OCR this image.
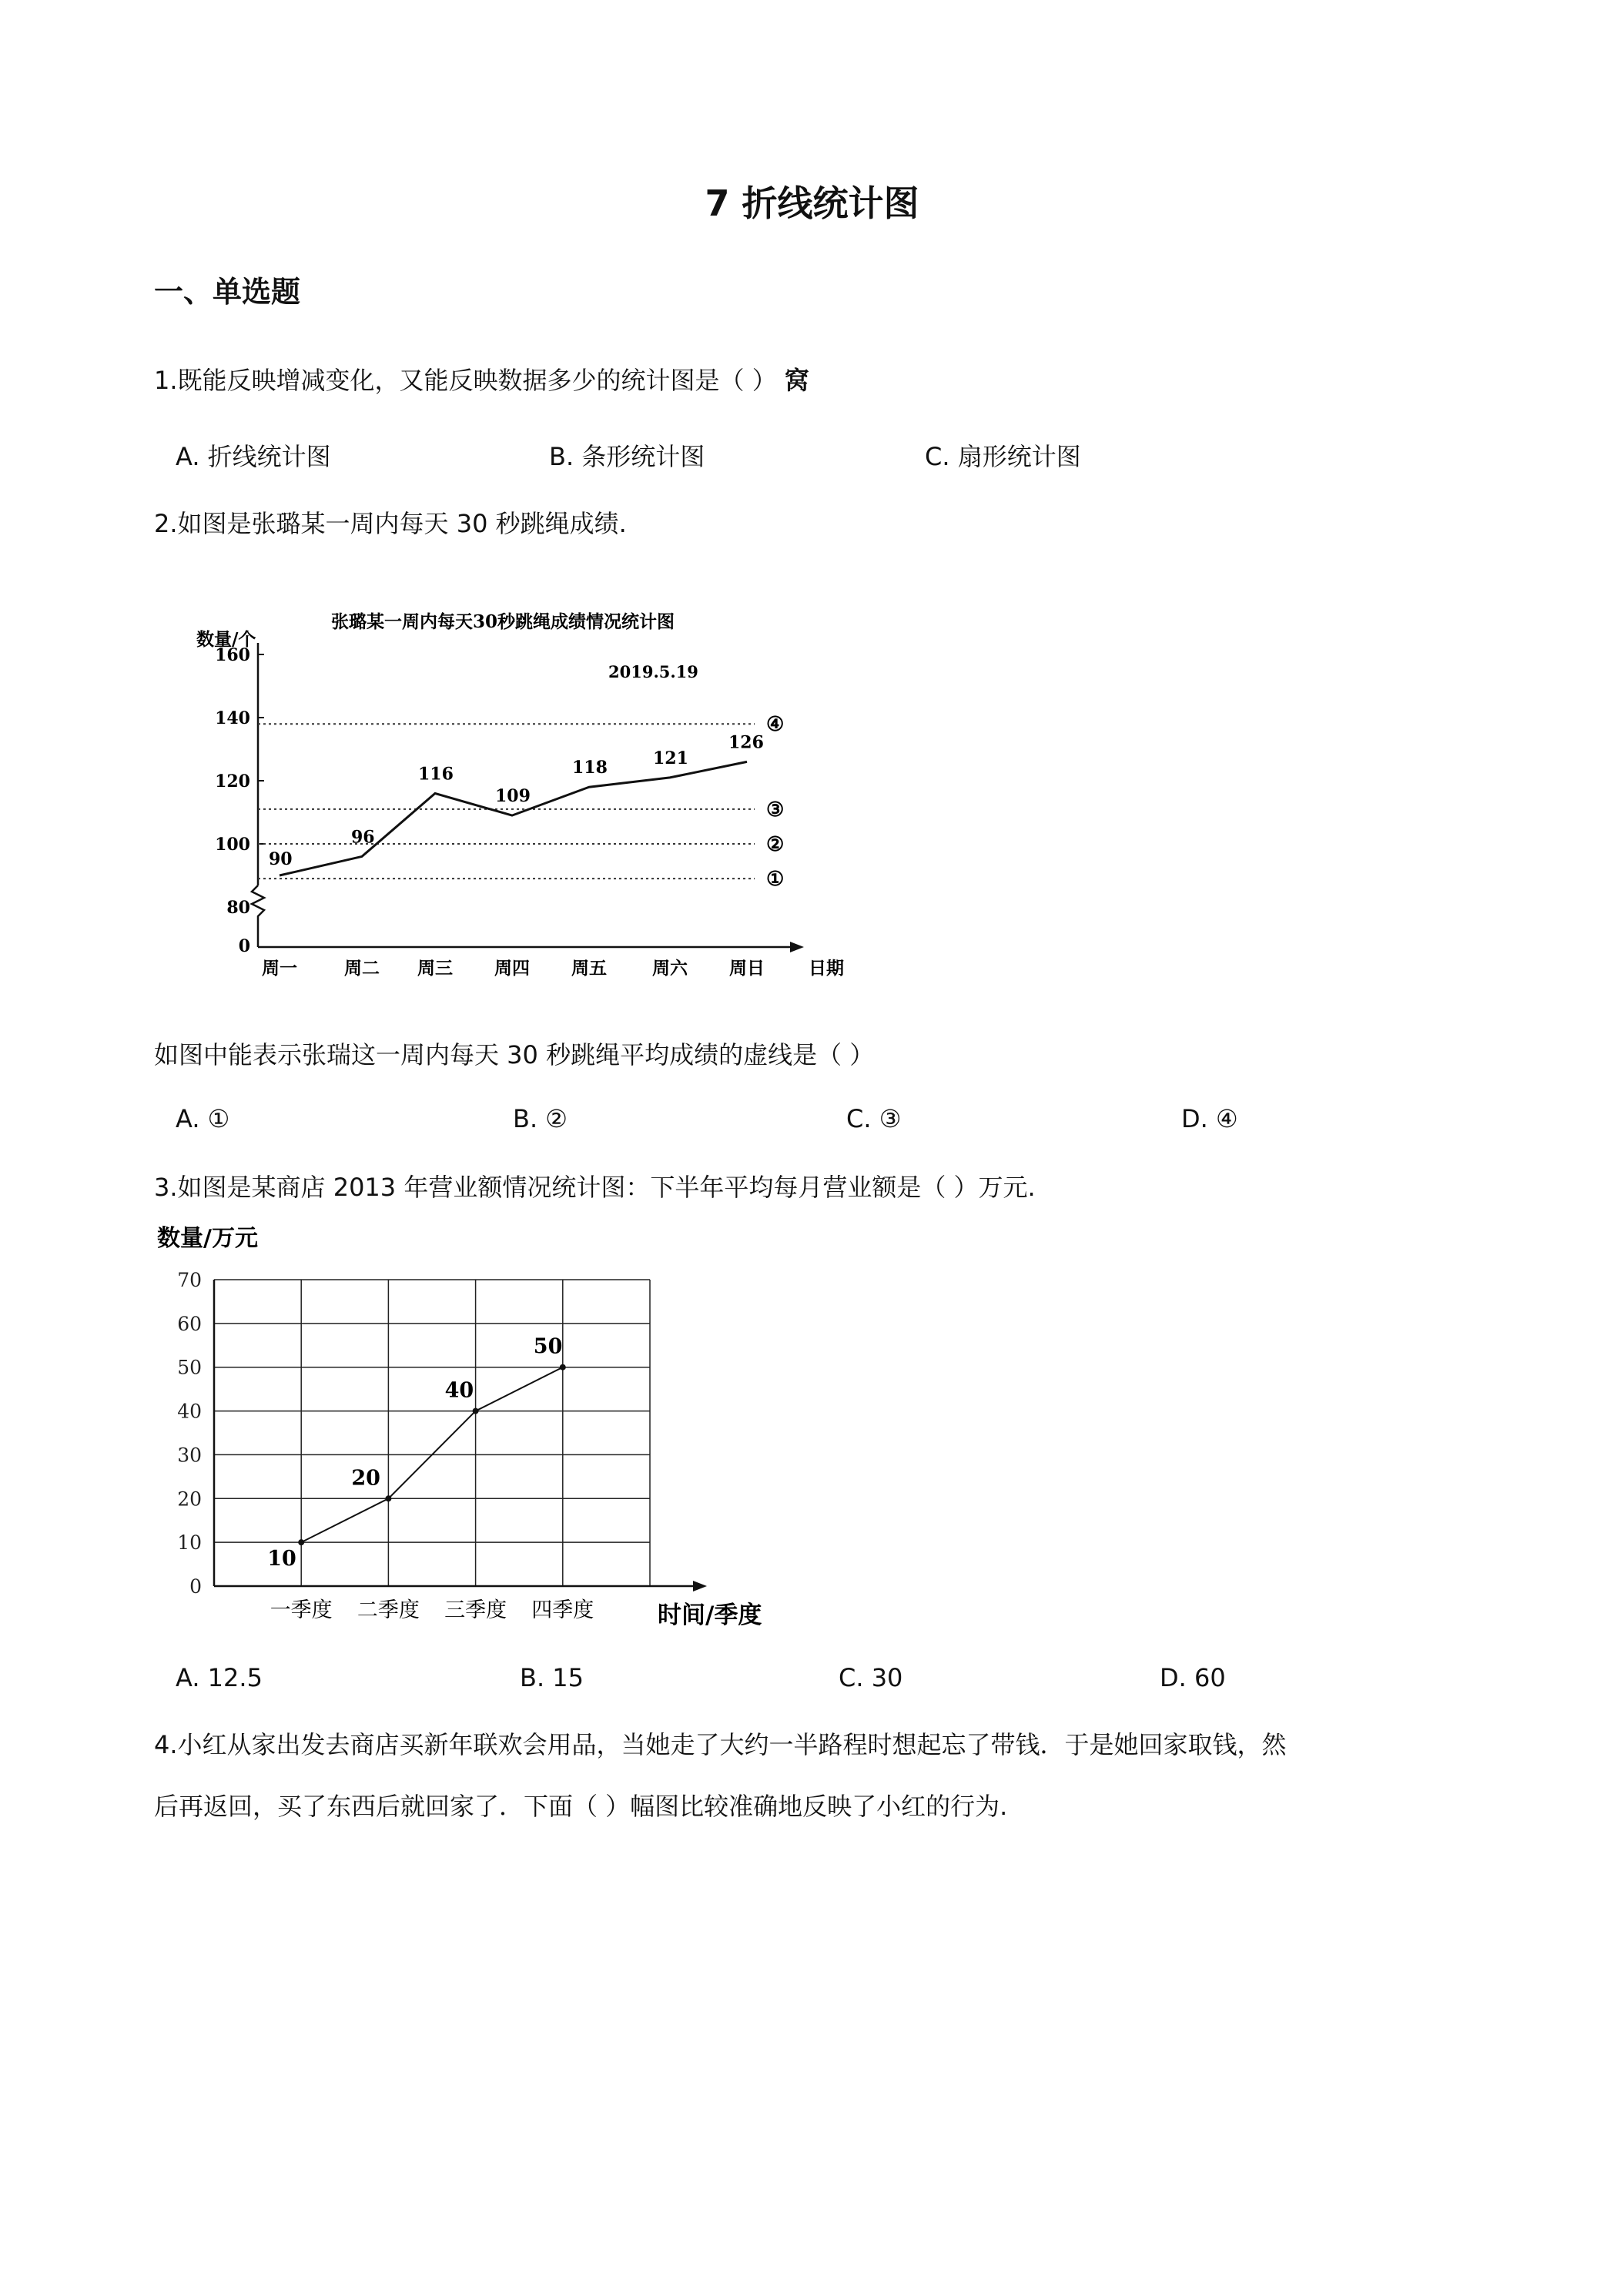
7 折线统计图
一、单选题
1.既能反映增减变化，又能反映数据多少的统计图是（ ） 窝
A. 折线统计图	B. 条形统计图	C. 扇形统计图
2.如图是张璐某一周内每天 30 秒跳绳成绩.
张璐某一周内每天30秒跳绳成绩情况统计图
数量/个
2019.5.19
160
140
120
100
80
0
①
②
③
④
90
96
116
109
118	121
126
周一	周二 周三 周四 周五	周六 周日 日期
如图中能表示张瑞这一周内每天 30 秒跳绳平均成绩的虚线是（ ）
A. ①	B. ②	C. ③	D. ④
3.如图是某商店 2013 年营业额情况统计图：下半年平均每月营业额是（ ）万元.
数量/万元
0
10
20
30
40
50
60
70
10
20
40
50
一季度 二季度 三季度 四季度	时间/季度
A. 12.5	B. 15	C. 30	D. 60
4.小红从家出发去商店买新年联欢会用品，当她走了大约一半路程时想起忘了带钱．于是她回家取钱，然
后再返回，买了东西后就回家了．下面（ ）幅图比较准确地反映了小红的行为.
